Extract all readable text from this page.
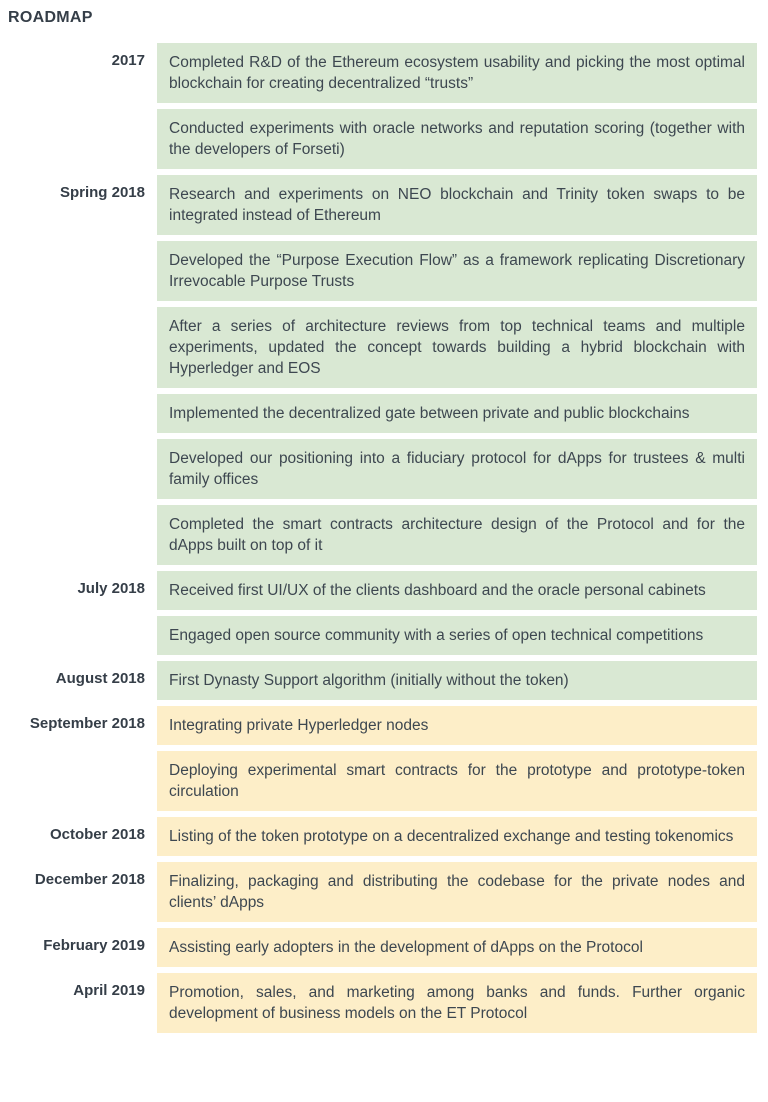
ROADMAP
2017	Completed R&D of the Ethereum ecosystem usability and picking the most optimal blockchain for creating decentralized “trusts”
Conducted experiments with oracle networks and reputation scoring (together with the developers of Forseti)
Spring 2018	Research and experiments on NEO blockchain and Trinity token swaps to be integrated instead of Ethereum
Developed the “Purpose Execution Flow” as a framework replicating Discretionary Irrevocable Purpose Trusts
After a series of architecture reviews from top technical teams and multiple experiments, updated the concept towards building a hybrid blockchain with Hyperledger and EOS
Implemented the decentralized gate between private and public blockchains
Developed our positioning into a fiduciary protocol for dApps for trustees & multi family offices
Completed the smart contracts architecture design of the Protocol and for the dApps built on top of it
July 2018	Received first UI/UX of the clients dashboard and the oracle personal cabinets
Engaged open source community with a series of open technical competitions
August 2018	First Dynasty Support algorithm (initially without the token)
September 2018	Integrating private Hyperledger nodes
Deploying experimental smart contracts for the prototype and prototype-token circulation
October 2018	Listing of the token prototype on a decentralized exchange and testing tokenomics
December 2018	Finalizing, packaging and distributing the codebase for the private nodes and clients’ dApps
February 2019	Assisting early adopters in the development of dApps on the Protocol
April 2019	Promotion, sales, and marketing among banks and funds. Further organic development of business models on the ET Protocol
